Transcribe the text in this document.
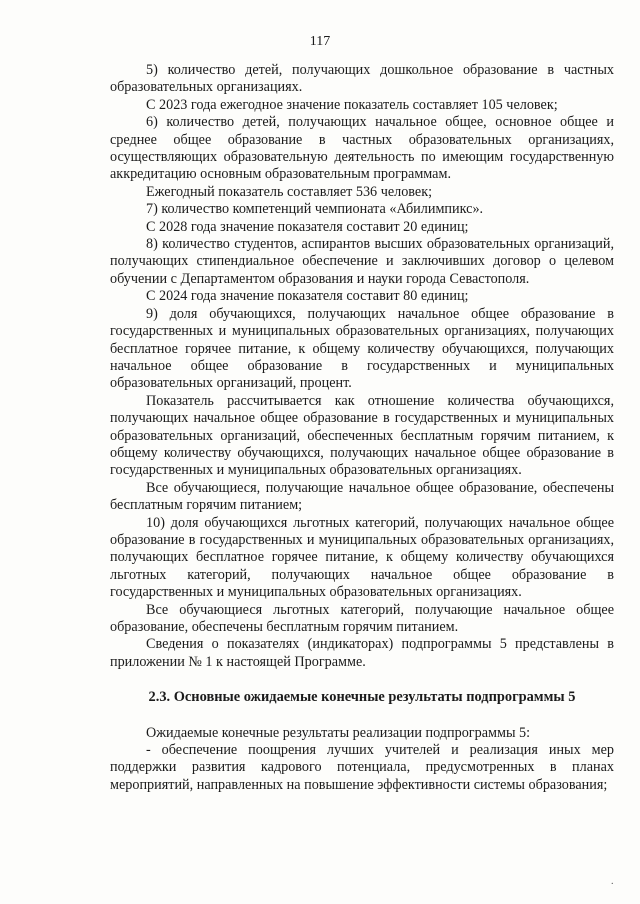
117

5) количество детей, получающих дошкольное образование в частных образовательных организациях.

С 2023 года ежегодное значение показатель составляет 105 человек;

6) количество детей, получающих начальное общее, основное общее и среднее общее образование в частных образовательных организациях, осуществляющих образовательную деятельность по имеющим государственную аккредитацию основным образовательным программам.

Ежегодный показатель составляет 536 человек;

7) количество компетенций чемпионата «Абилимпикс».

С 2028 года значение показателя составит 20 единиц;

8) количество студентов, аспирантов высших образовательных организаций, получающих стипендиальное обеспечение и заключивших договор о целевом обучении с Департаментом образования и науки города Севастополя.

С 2024 года значение показателя составит 80 единиц;

9) доля обучающихся, получающих начальное общее образование в государственных и муниципальных образовательных организациях, получающих бесплатное горячее питание, к общему количеству обучающихся, получающих начальное общее образование в государственных и муниципальных образовательных организаций, процент.

Показатель рассчитывается как отношение количества обучающихся, получающих начальное общее образование в государственных и муниципальных образовательных организаций, обеспеченных бесплатным горячим питанием, к общему количеству обучающихся, получающих начальное общее образование в государственных и муниципальных образовательных организациях.

Все обучающиеся, получающие начальное общее образование, обеспечены бесплатным горячим питанием;

10) доля обучающихся льготных категорий, получающих начальное общее образование в государственных и муниципальных образовательных организациях, получающих бесплатное горячее питание, к общему количеству обучающихся льготных категорий, получающих начальное общее образование в государственных и муниципальных образовательных организациях.

Все обучающиеся льготных категорий, получающие начальное общее образование, обеспечены бесплатным горячим питанием.

Сведения о показателях (индикаторах) подпрограммы 5 представлены в приложении № 1 к настоящей Программе.

2.3. Основные ожидаемые конечные результаты подпрограммы 5

Ожидаемые конечные результаты реализации подпрограммы 5:

- обеспечение поощрения лучших учителей и реализация иных мер поддержки развития кадрового потенциала, предусмотренных в планах мероприятий, направленных на повышение эффективности системы образования;

.
